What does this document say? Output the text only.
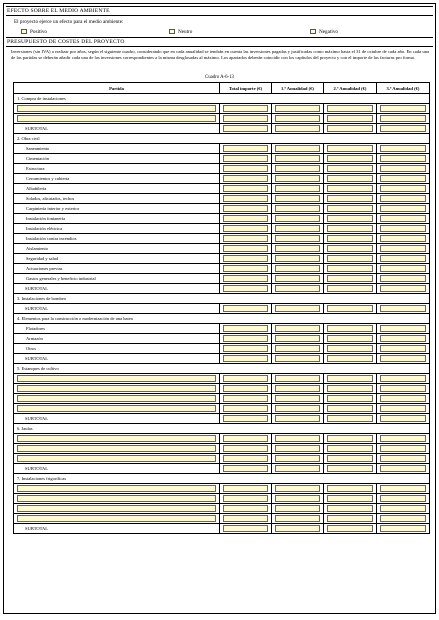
EFECTO SOBRE EL MEDIO AMBIENTE
El proyecto ejerce un efecto para el medio ambiente:
Positivo	Neutro	Negativo
PRESUPUESTO DE COSTES DEL PROYECTO
Inversiones (sin IVA) a realizar por años, según el siguiente cuadro, considerando que en cada anualidad se tendrán en cuenta las inversiones pagadas y justificadas como máximo hasta el 31 de octubre de cada año. En cada una de las partidas se deberán añadir cada una de las inversiones correspondientes a la misma desglosadas al máximo. Los apartados deberán coincidir con los capítulos del proyecto y con el importe de las facturas pro forma.
Cuadro A-6-13
Partida	Total importe (€)	1.ª Anualidad (€)	2.ª Anualidad (€)	3.ª Anualidad (€)
1. Compra de instalaciones				

SUBTOTAL	

2. Obra civil				
Saneamiento	

Cimentación	

Estructura	

Cerramientos y cubierta	

Albañilería	

Solados, alicatados, techos	

Carpintería interior y exterior	

Instalación fontanería	

Instalación eléctrica	

Instalación contra incendios	

Aislamiento	

Seguridad y salud	

Actuaciones previas	

Gastos generales y beneficio industrial	

SUBTOTAL	

3. Instalaciones de bombeo				
SUBTOTAL	

4. Elementos para la construcción o modernización de una batea				
Flotadores	

Armazón	

Otros	

SUBTOTAL	

5. Estanques de cultivo				

SUBTOTAL	

6. Jaulas				

SUBTOTAL	

7. Instalaciones frigoríficas				

SUBTOTAL	
